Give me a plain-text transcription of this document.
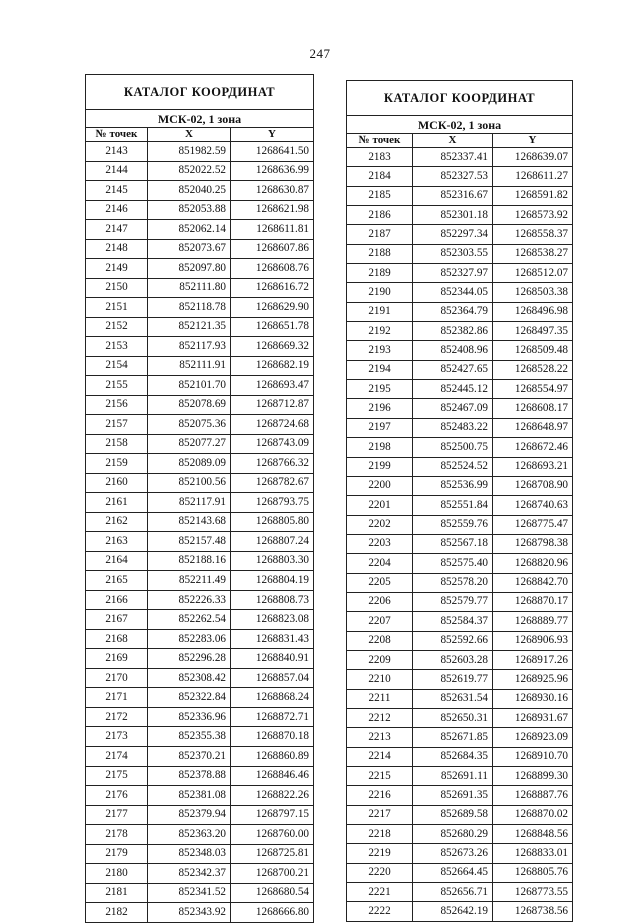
247
КАТАЛОГ КООРДИНАТ		
МСК-02, 1 зона		
№ точек	X	Y
2143	851982.59	1268641.50
2144	852022.52	1268636.99
2145	852040.25	1268630.87
2146	852053.88	1268621.98
2147	852062.14	1268611.81
2148	852073.67	1268607.86
2149	852097.80	1268608.76
2150	852111.80	1268616.72
2151	852118.78	1268629.90
2152	852121.35	1268651.78
2153	852117.93	1268669.32
2154	852111.91	1268682.19
2155	852101.70	1268693.47
2156	852078.69	1268712.87
2157	852075.36	1268724.68
2158	852077.27	1268743.09
2159	852089.09	1268766.32
2160	852100.56	1268782.67
2161	852117.91	1268793.75
2162	852143.68	1268805.80
2163	852157.48	1268807.24
2164	852188.16	1268803.30
2165	852211.49	1268804.19
2166	852226.33	1268808.73
2167	852262.54	1268823.08
2168	852283.06	1268831.43
2169	852296.28	1268840.91
2170	852308.42	1268857.04
2171	852322.84	1268868.24
2172	852336.96	1268872.71
2173	852355.38	1268870.18
2174	852370.21	1268860.89
2175	852378.88	1268846.46
2176	852381.08	1268822.26
2177	852379.94	1268797.15
2178	852363.20	1268760.00
2179	852348.03	1268725.81
2180	852342.37	1268700.21
2181	852341.52	1268680.54
2182	852343.92	1268666.80
КАТАЛОГ КООРДИНАТ		
МСК-02, 1 зона		
№ точек	X	Y
2183	852337.41	1268639.07
2184	852327.53	1268611.27
2185	852316.67	1268591.82
2186	852301.18	1268573.92
2187	852297.34	1268558.37
2188	852303.55	1268538.27
2189	852327.97	1268512.07
2190	852344.05	1268503.38
2191	852364.79	1268496.98
2192	852382.86	1268497.35
2193	852408.96	1268509.48
2194	852427.65	1268528.22
2195	852445.12	1268554.97
2196	852467.09	1268608.17
2197	852483.22	1268648.97
2198	852500.75	1268672.46
2199	852524.52	1268693.21
2200	852536.99	1268708.90
2201	852551.84	1268740.63
2202	852559.76	1268775.47
2203	852567.18	1268798.38
2204	852575.40	1268820.96
2205	852578.20	1268842.70
2206	852579.77	1268870.17
2207	852584.37	1268889.77
2208	852592.66	1268906.93
2209	852603.28	1268917.26
2210	852619.77	1268925.96
2211	852631.54	1268930.16
2212	852650.31	1268931.67
2213	852671.85	1268923.09
2214	852684.35	1268910.70
2215	852691.11	1268899.30
2216	852691.35	1268887.76
2217	852689.58	1268870.02
2218	852680.29	1268848.56
2219	852673.26	1268833.01
2220	852664.45	1268805.76
2221	852656.71	1268773.55
2222	852642.19	1268738.56
